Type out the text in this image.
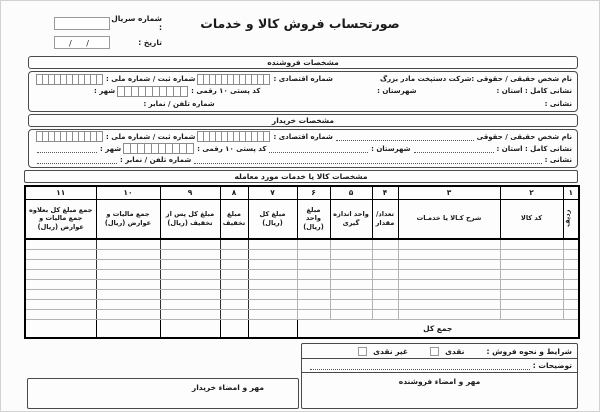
صورتحساب فروش کالا و خدمات
شماره سریال :
تاریخ :
/ /
مشخصات فروشنده
نام شخص حقیقی / حقوقی :
شرکت دستپخت مادر بزرگ
شماره اقتصادی :
شماره ثبت / شماره ملی :
نشانی کامل : استان :
شهرستان :
کد پستی ۱۰ رقمی :
شهر :
نشانی :
شماره تلفن / نمابر :
مشخصات خریدار
نام شخص حقیقی / حقوقی
شماره اقتصادی :
شماره ثبت / شماره ملی :
نشانی کامل : استان :
شهرستان :
کد پستی ۱۰ رقمی :
شهر :
نشانی :
شماره تلفن / نمابر :
مشخصات کالا یا خدمات مورد معامله
۱	۲	۳	۴	۵	۶	۷	۸	۹	۱۰	۱۱
ردیف	کد کالا	شرح کـالا یا خدمـات	تعداد/ مقدار	واحد اندازه گیری	مبلغ واحد (ریال)	مبلغ کل (ریال)	مبلغ تخفیف	مبلغ کل پس از تخفیف (ریال)	جمع مالیات و عوارض (ریال)	جمع مبلغ کل بعلاوه جمع مالیات و عوارض (ریال)

جمع کل										
شرایط و نحوه فروش :
نقدی
غیر نقدی
توضیحات :
مهر و امضاء فروشنده
مهر و امضاء خریدار
